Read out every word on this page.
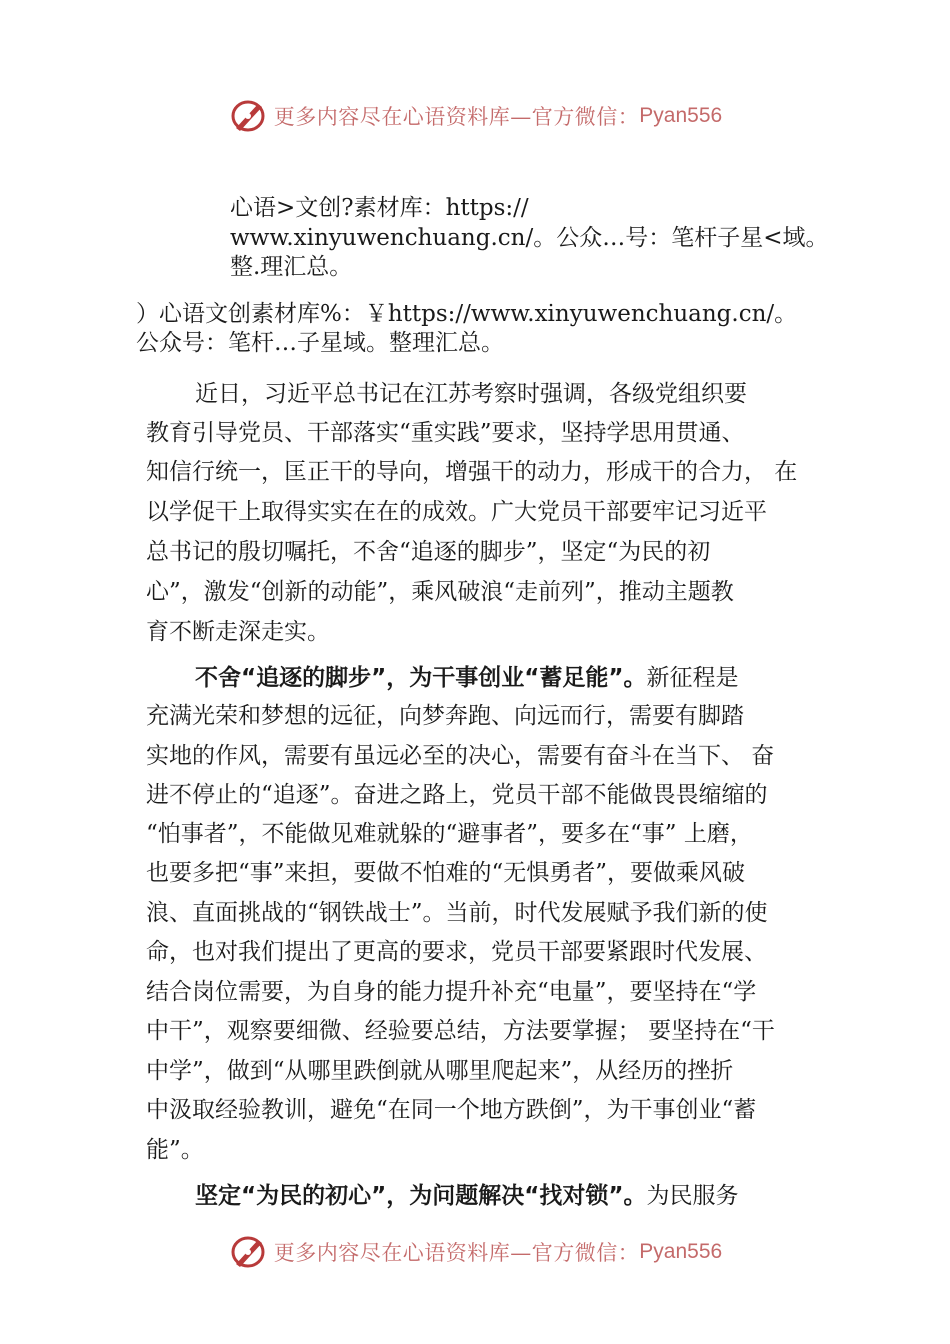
更多内容尽在心语资料库—官方微信： Pyan556
心语>文创?素材库：https://
www.xinyuwenchuang.cn/。公众…号：笔杆子星<域。
整.理汇总。
）心语文创素材库%：￥https://www.xinyuwenchuang.cn/。
公众号：笔杆…子星域。整理汇总。
近日，习近平总书记在江苏考察时强调，各级党组织要
教育引导党员、干部落实“重实践”要求，坚持学思用贯通、
知信行统一，匡正干的导向，增强干的动力，形成干的合力， 在
以学促干上取得实实在在的成效。广大党员干部要牢记习近平
总书记的殷切嘱托，不舍“追逐的脚步”，坚定“为民的初
心”，激发“创新的动能”，乘风破浪“走前列”，推动主题教
育不断走深走实。
不舍“追逐的脚步”，为干事创业“蓄足能”。新征程是
充满光荣和梦想的远征，向梦奔跑、向远而行，需要有脚踏
实地的作风，需要有虽远必至的决心，需要有奋斗在当下、 奋
进不停止的“追逐”。奋进之路上，党员干部不能做畏畏缩缩的
“怕事者”，不能做见难就躲的“避事者”，要多在“事” 上磨，
也要多把“事”来担，要做不怕难的“无惧勇者”，要做乘风破
浪、直面挑战的“钢铁战士”。当前，时代发展赋予我们新的使
命，也对我们提出了更高的要求，党员干部要紧跟时代发展、
结合岗位需要，为自身的能力提升补充“电量”，要坚持在“学
中干”，观察要细微、经验要总结，方法要掌握； 要坚持在“干
中学”，做到“从哪里跌倒就从哪里爬起来”，从经历的挫折
中汲取经验教训，避免“在同一个地方跌倒”，为干事创业“蓄
能”。
坚定“为民的初心”，为问题解决“找对锁”。为民服务
更多内容尽在心语资料库—官方微信： Pyan556
